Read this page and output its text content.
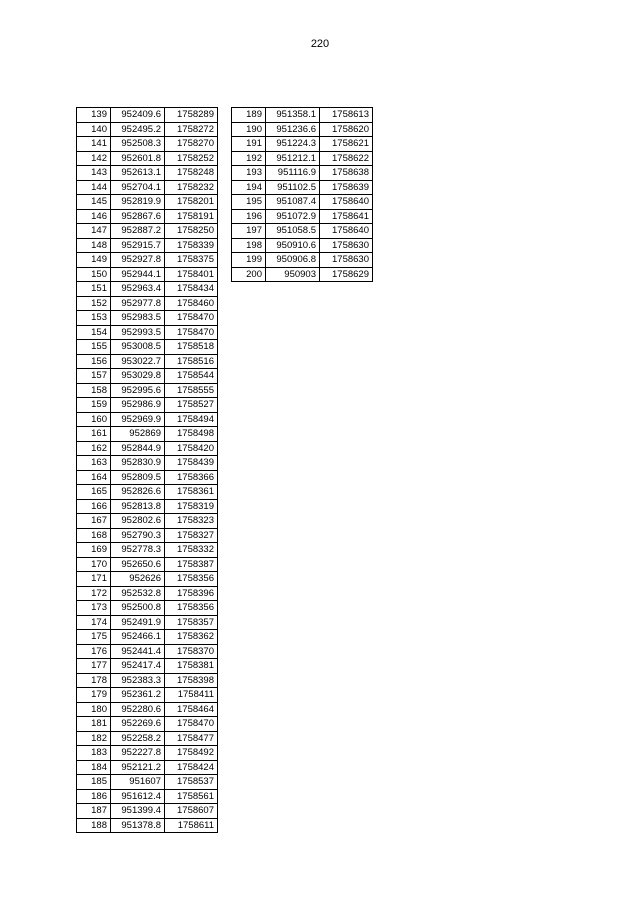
220
139	952409.6	1758289
140	952495.2	1758272
141	952508.3	1758270
142	952601.8	1758252
143	952613.1	1758248
144	952704.1	1758232
145	952819.9	1758201
146	952867.6	1758191
147	952887.2	1758250
148	952915.7	1758339
149	952927.8	1758375
150	952944.1	1758401
151	952963.4	1758434
152	952977.8	1758460
153	952983.5	1758470
154	952993.5	1758470
155	953008.5	1758518
156	953022.7	1758516
157	953029.8	1758544
158	952995.6	1758555
159	952986.9	1758527
160	952969.9	1758494
161	952869	1758498
162	952844.9	1758420
163	952830.9	1758439
164	952809.5	1758366
165	952826.6	1758361
166	952813.8	1758319
167	952802.6	1758323
168	952790.3	1758327
169	952778.3	1758332
170	952650.6	1758387
171	952626	1758356
172	952532.8	1758396
173	952500.8	1758356
174	952491.9	1758357
175	952466.1	1758362
176	952441.4	1758370
177	952417.4	1758381
178	952383.3	1758398
179	952361.2	1758411
180	952280.6	1758464
181	952269.6	1758470
182	952258.2	1758477
183	952227.8	1758492
184	952121.2	1758424
185	951607	1758537
186	951612.4	1758561
187	951399.4	1758607
188	951378.8	1758611
189	951358.1	1758613
190	951236.6	1758620
191	951224.3	1758621
192	951212.1	1758622
193	951116.9	1758638
194	951102.5	1758639
195	951087.4	1758640
196	951072.9	1758641
197	951058.5	1758640
198	950910.6	1758630
199	950906.8	1758630
200	950903	1758629
